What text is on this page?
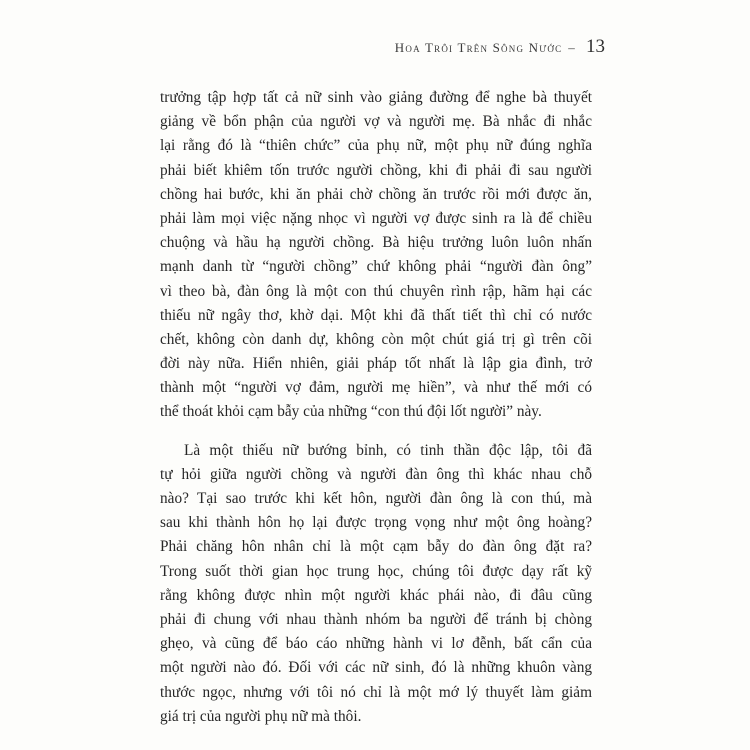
Hoa Trôi Trên Sông Nước – 13
trưởng tập hợp tất cả nữ sinh vào giảng đường để nghe bà thuyết
giảng về bổn phận của người vợ và người mẹ. Bà nhắc đi nhắc
lại rằng đó là “thiên chức” của phụ nữ, một phụ nữ đúng nghĩa
phải biết khiêm tốn trước người chồng, khi đi phải đi sau người
chồng hai bước, khi ăn phải chờ chồng ăn trước rồi mới được ăn,
phải làm mọi việc nặng nhọc vì người vợ được sinh ra là để chiều
chuộng và hầu hạ người chồng. Bà hiệu trưởng luôn luôn nhấn
mạnh danh từ “người chồng” chứ không phải “người đàn ông”
vì theo bà, đàn ông là một con thú chuyên rình rập, hãm hại các
thiếu nữ ngây thơ, khờ dại. Một khi đã thất tiết thì chỉ có nước
chết, không còn danh dự, không còn một chút giá trị gì trên cõi
đời này nữa. Hiển nhiên, giải pháp tốt nhất là lập gia đình, trở
thành một “người vợ đảm, người mẹ hiền”, và như thế mới có
thể thoát khỏi cạm bẫy của những “con thú đội lốt người” này.
Là một thiếu nữ bướng bỉnh, có tinh thần độc lập, tôi đã
tự hỏi giữa người chồng và người đàn ông thì khác nhau chỗ
nào? Tại sao trước khi kết hôn, người đàn ông là con thú, mà
sau khi thành hôn họ lại được trọng vọng như một ông hoàng?
Phải chăng hôn nhân chỉ là một cạm bẫy do đàn ông đặt ra?
Trong suốt thời gian học trung học, chúng tôi được dạy rất kỹ
rằng không được nhìn một người khác phái nào, đi đâu cũng
phải đi chung với nhau thành nhóm ba người để tránh bị chòng
ghẹo, và cũng để báo cáo những hành vi lơ đễnh, bất cẩn của
một người nào đó. Đối với các nữ sinh, đó là những khuôn vàng
thước ngọc, nhưng với tôi nó chỉ là một mớ lý thuyết làm giảm
giá trị của người phụ nữ mà thôi.
